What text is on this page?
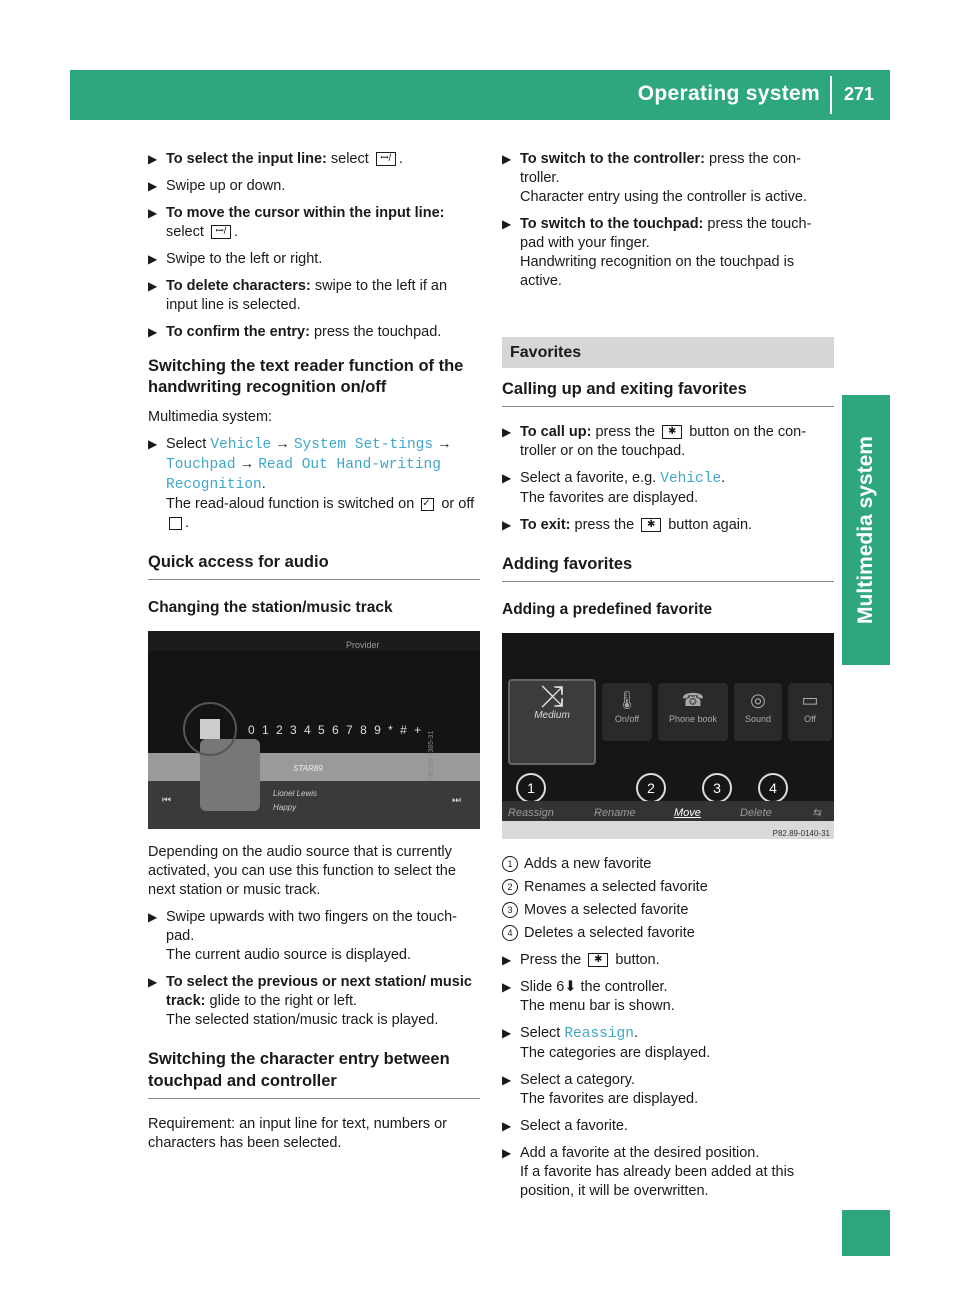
Operating system 271
Multimedia system
▶ To select the input line: select ꟷ/ .
▶ Swipe up or down.
▶ To move the cursor within the input line:
select ꟷ/ .
▶ Swipe to the left or right.
▶ To delete characters: swipe to the left if an input line is selected.
▶ To confirm the entry: press the touchpad.
Switching the text reader function of the handwriting recognition on/off
Multimedia system:
▶ Select Vehicle → System Set‐tings → Touchpad → Read Out Hand‐writing Recognition.
The read-aloud function is switched on ✓ or off .
Quick access for audio
Changing the station/music track
Provider
0 1 2 3 4 5 6 7 8 9 * # +
STAR89
Lionel Lewis
Happy
⏮	⏭
P82.89-2385-31
Depending on the audio source that is currently activated, you can use this function to select the next station or music track.
▶ Swipe upwards with two fingers on the touch-pad.
The current audio source is displayed.
▶ To select the previous or next station/ music track: glide to the right or left.
The selected station/music track is played.
Switching the character entry between touchpad and controller
Requirement: an input line for text, numbers or characters has been selected.
▶ To switch to the controller: press the con-troller.
Character entry using the controller is active.
▶ To switch to the touchpad: press the touch-pad with your finger.
Handwriting recognition on the touchpad is active.
Favorites
Calling up and exiting favorites
▶ To call up: press the ✱ button on the con-troller or on the touchpad.
▶ Select a favorite, e.g. Vehicle.
The favorites are displayed.
▶ To exit: press the ✱ button again.
Adding favorites
Adding a predefined favorite
⤨
Medium
🌡
On/off
☎
Phone book
◎
Sound
▭
Off
1	2	3	4
Reassign	Rename	Move	Delete	⇆
P82.89-0140-31
1 Adds a new favorite
2 Renames a selected favorite
3 Moves a selected favorite
4 Deletes a selected favorite
▶ Press the ✱ button.
▶ Slide 6⬇ the controller.
The menu bar is shown.
▶ Select Reassign.
The categories are displayed.
▶ Select a category.
The favorites are displayed.
▶ Select a favorite.
▶ Add a favorite at the desired position.
If a favorite has already been added at this position, it will be overwritten.
